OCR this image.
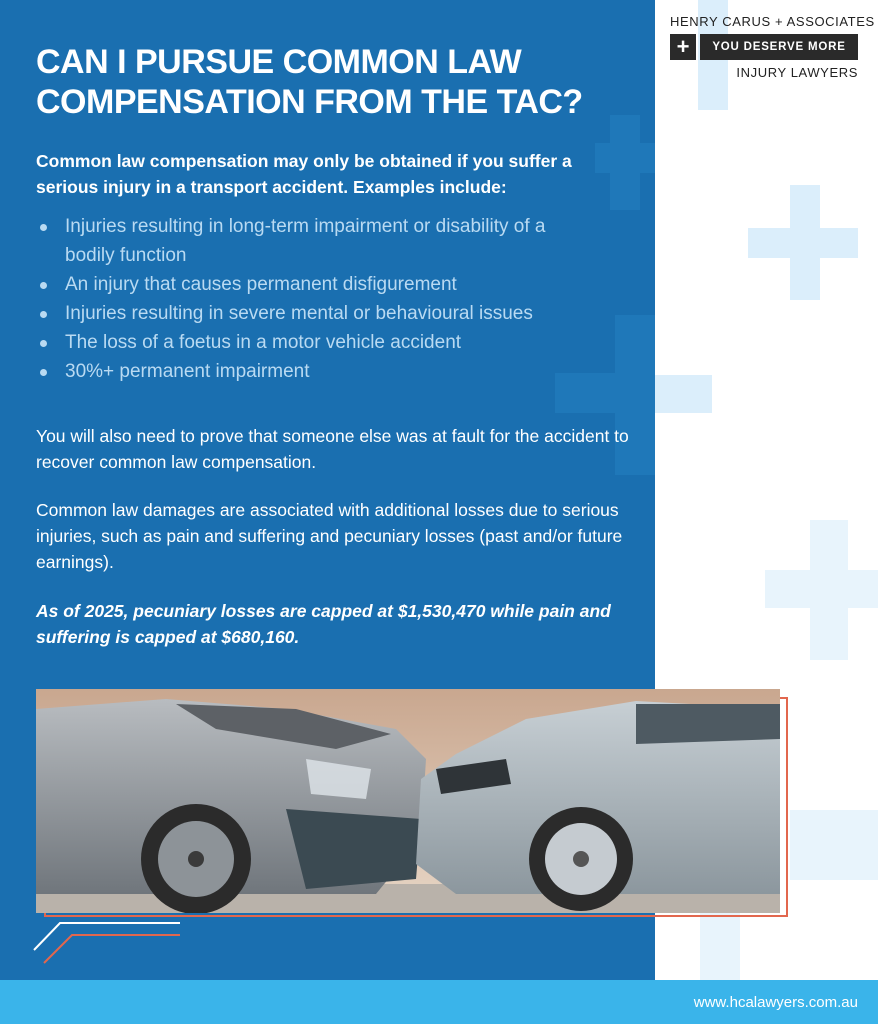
CAN I PURSUE COMMON LAW
COMPENSATION FROM THE TAC?
Common law compensation may only be obtained if you suffer a serious injury in a transport accident. Examples include:
Injuries resulting in long-term impairment or disability of a bodily function
An injury that causes permanent disfigurement
Injuries resulting in severe mental or behavioural issues
The loss of a foetus in a motor vehicle accident
30%+ permanent impairment
You will also need to prove that someone else was at fault for the accident to recover common law compensation.
Common law damages are associated with additional losses due to serious injuries, such as pain and suffering and pecuniary losses (past and/or future earnings).
As of 2025, pecuniary losses are capped at $1,530,470 while pain and suffering is capped at $680,160.
HENRY CARUS + ASSOCIATES
+	YOU DESERVE MORE
INJURY LAWYERS
www.hcalawyers.com.au
